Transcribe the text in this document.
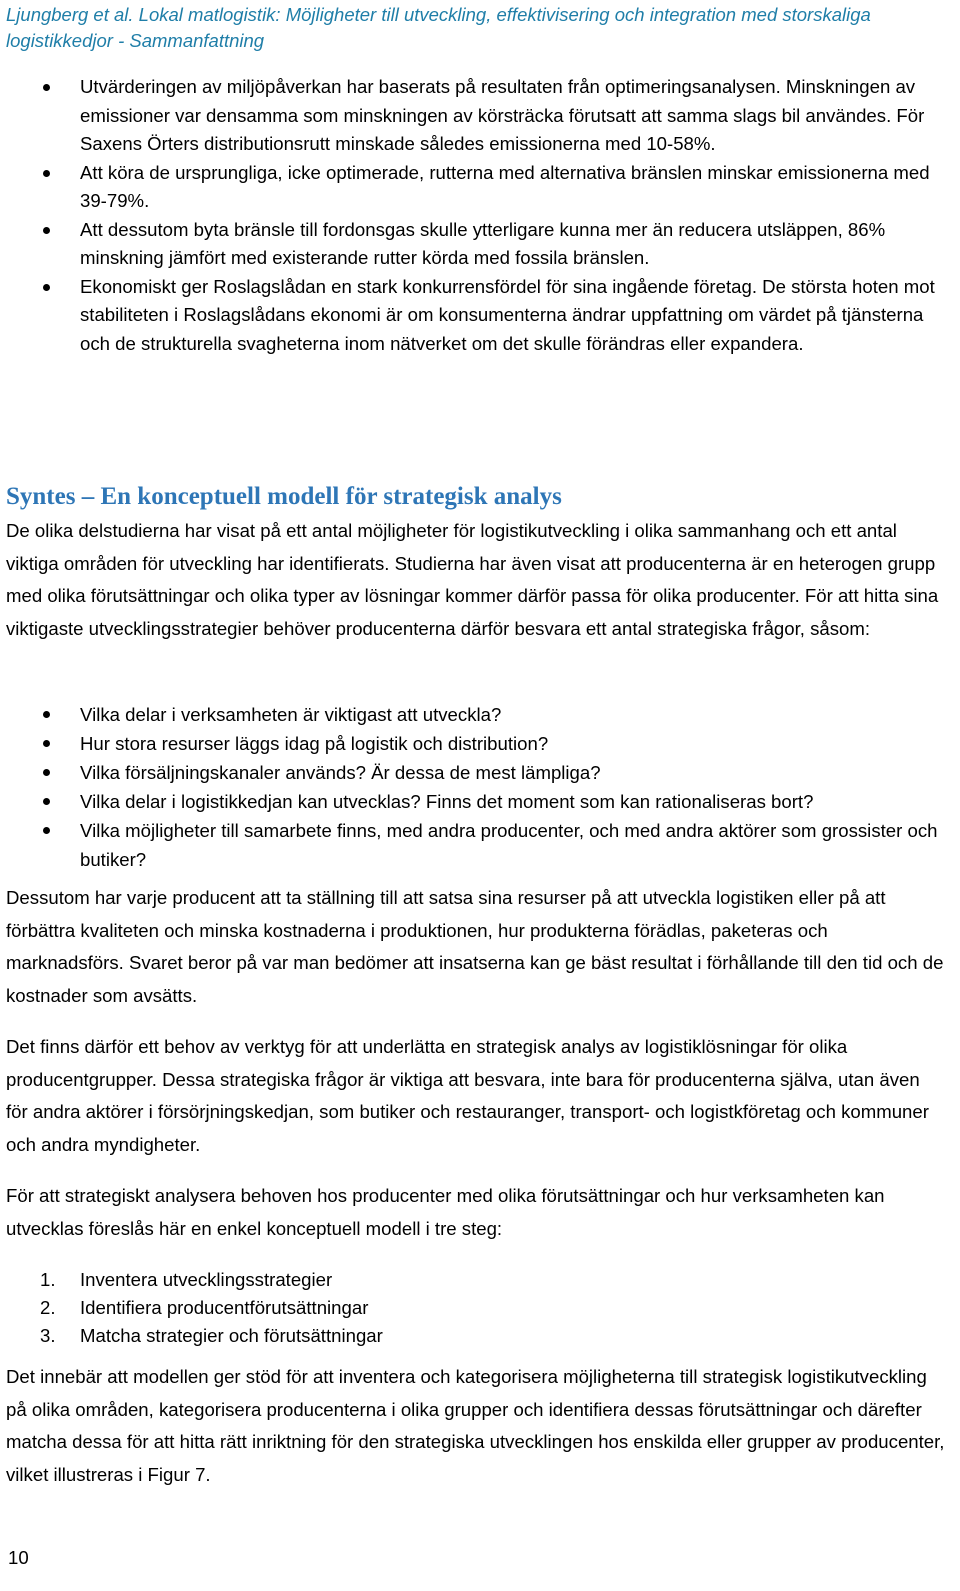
Ljungberg et al. Lokal matlogistik: Möjligheter till utveckling, effektivisering och integration med storskaliga logistikkedjor - Sammanfattning
Utvärderingen av miljöpåverkan har baserats på resultaten från optimeringsanalysen. Minskningen av emissioner var densamma som minskningen av körsträcka förutsatt att samma slags bil användes. För Saxens Örters distributionsrutt minskade således emissionerna med 10-58%.
Att köra de ursprungliga, icke optimerade, rutterna med alternativa bränslen minskar emissionerna med 39-79%.
Att dessutom byta bränsle till fordonsgas skulle ytterligare kunna mer än reducera utsläppen, 86% minskning jämfört med existerande rutter körda med fossila bränslen.
Ekonomiskt ger Roslagslådan en stark konkurrensfördel för sina ingående företag. De största hoten mot stabiliteten i Roslagslådans ekonomi är om konsumenterna ändrar uppfattning om värdet på tjänsterna och de strukturella svagheterna inom nätverket om det skulle förändras eller expandera.
Syntes – En konceptuell modell för strategisk analys

De olika delstudierna har visat på ett antal möjligheter för logistikutveckling i olika sammanhang och ett antal viktiga områden för utveckling har identifierats. Studierna har även visat att producenterna är en heterogen grupp med olika förutsättningar och olika typer av lösningar kommer därför passa för olika producenter. För att hitta sina viktigaste utvecklingsstrategier behöver producenterna därför besvara ett antal strategiska frågor, såsom:

Vilka delar i verksamheten är viktigast att utveckla?
Hur stora resurser läggs idag på logistik och distribution?
Vilka försäljningskanaler används? Är dessa de mest lämpliga?
Vilka delar i logistikkedjan kan utvecklas? Finns det moment som kan rationaliseras bort?
Vilka möjligheter till samarbete finns, med andra producenter, och med andra aktörer som grossister och butiker?

Dessutom har varje producent att ta ställning till att satsa sina resurser på att utveckla logistiken eller på att förbättra kvaliteten och minska kostnaderna i produktionen, hur produkterna förädlas, paketeras och marknadsförs. Svaret beror på var man bedömer att insatserna kan ge bäst resultat i förhållande till den tid och de kostnader som avsätts.

Det finns därför ett behov av verktyg för att underlätta en strategisk analys av logistiklösningar för olika producentgrupper. Dessa strategiska frågor är viktiga att besvara, inte bara för producenterna själva, utan även för andra aktörer i försörjningskedjan, som butiker och restauranger, transport- och logistkföretag och kommuner och andra myndigheter.

För att strategiskt analysera behoven hos producenter med olika förutsättningar och hur verksamheten kan utvecklas föreslås här en enkel konceptuell modell i tre steg:

1. Inventera utvecklingsstrategier
2. Identifiera producentförutsättningar
3. Matcha strategier och förutsättningar

Det innebär att modellen ger stöd för att inventera och kategorisera möjligheterna till strategisk logistikutveckling på olika områden, kategorisera producenterna i olika grupper och identifiera dessas förutsättningar och därefter matcha dessa för att hitta rätt inriktning för den strategiska utvecklingen hos enskilda eller grupper av producenter, vilket illustreras i Figur 7.

10
